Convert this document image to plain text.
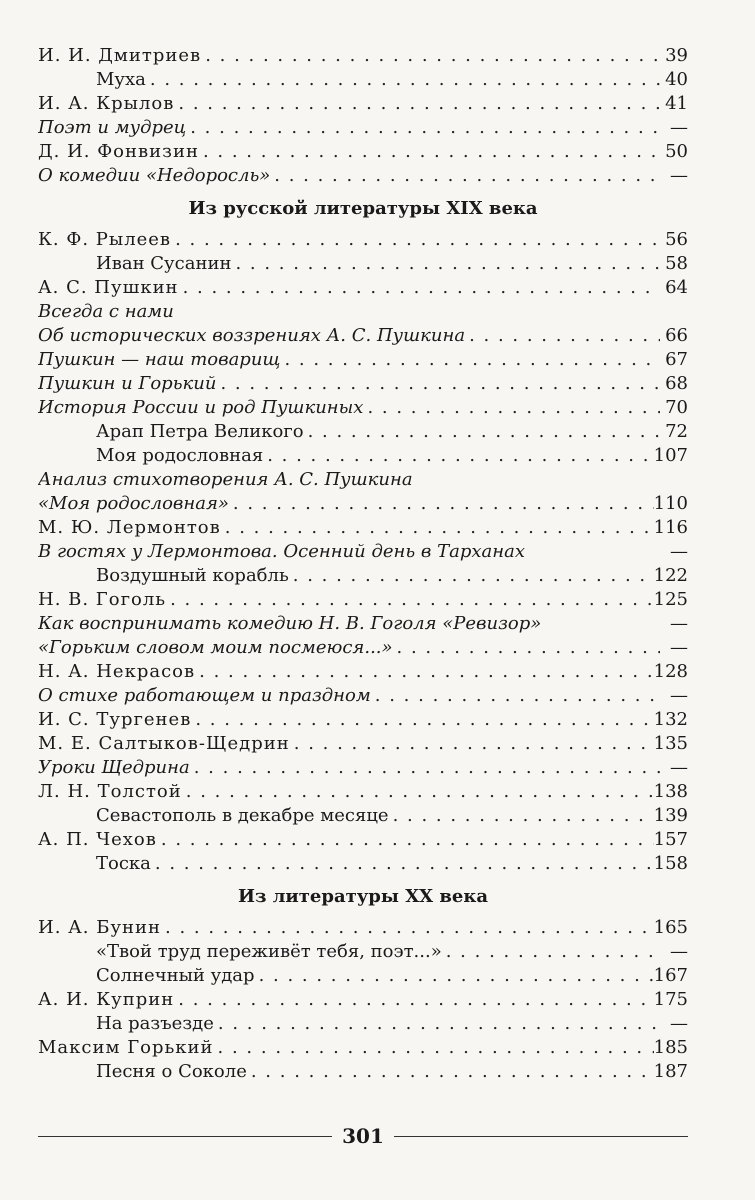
И. И. Дмитриев . . .	39
Муха . . .	40
И. А. Крылов . . .	41
Поэт и мудрец . . .	—
Д. И. Фонвизин . . .	50
О комедии «Недоросль» . . .	—
Из русской литературы XIX века
К. Ф. Рылеев . . .	56
Иван Сусанин . . .	58
А. С. Пушкин . . .	64
Всегда с нами
Об исторических воззрениях А. С. Пушкина . . .	66
Пушкин — наш товарищ . . .	67
Пушкин и Горький . . .	68
История России и род Пушкиных . . .	70
Арап Петра Великого . . .	72
Моя родословная . . .	107
Анализ стихотворения А. С. Пушкина
«Моя родословная» . . .	110
М. Ю. Лермонтов . . .	116
В гостях у Лермонтова. Осенний день в Тарханах	—
Воздушный корабль . . .	122
Н. В. Гоголь . . .	125
Как воспринимать комедию Н. В. Гоголя «Ревизор»	—
«Горьким словом моим посмеюся...» . . .	—
Н. А. Некрасов . . .	128
О стихе работающем и праздном . . .	—
И. С. Тургенев . . .	132
М. Е. Салтыков-Щедрин . . .	135
Уроки Щедрина . . .	—
Л. Н. Толстой . . .	138
Севастополь в декабре месяце . . .	139
А. П. Чехов . . .	157
Тоска . . .	158
Из литературы XX века
И. А. Бунин . . .	165
«Твой труд переживёт тебя, поэт...» . . .	—
Солнечный удар . . .	167
А. И. Куприн . . .	175
На разъезде . . .	—
Максим Горький . . .	185
Песня о Соколе . . .	187
301
